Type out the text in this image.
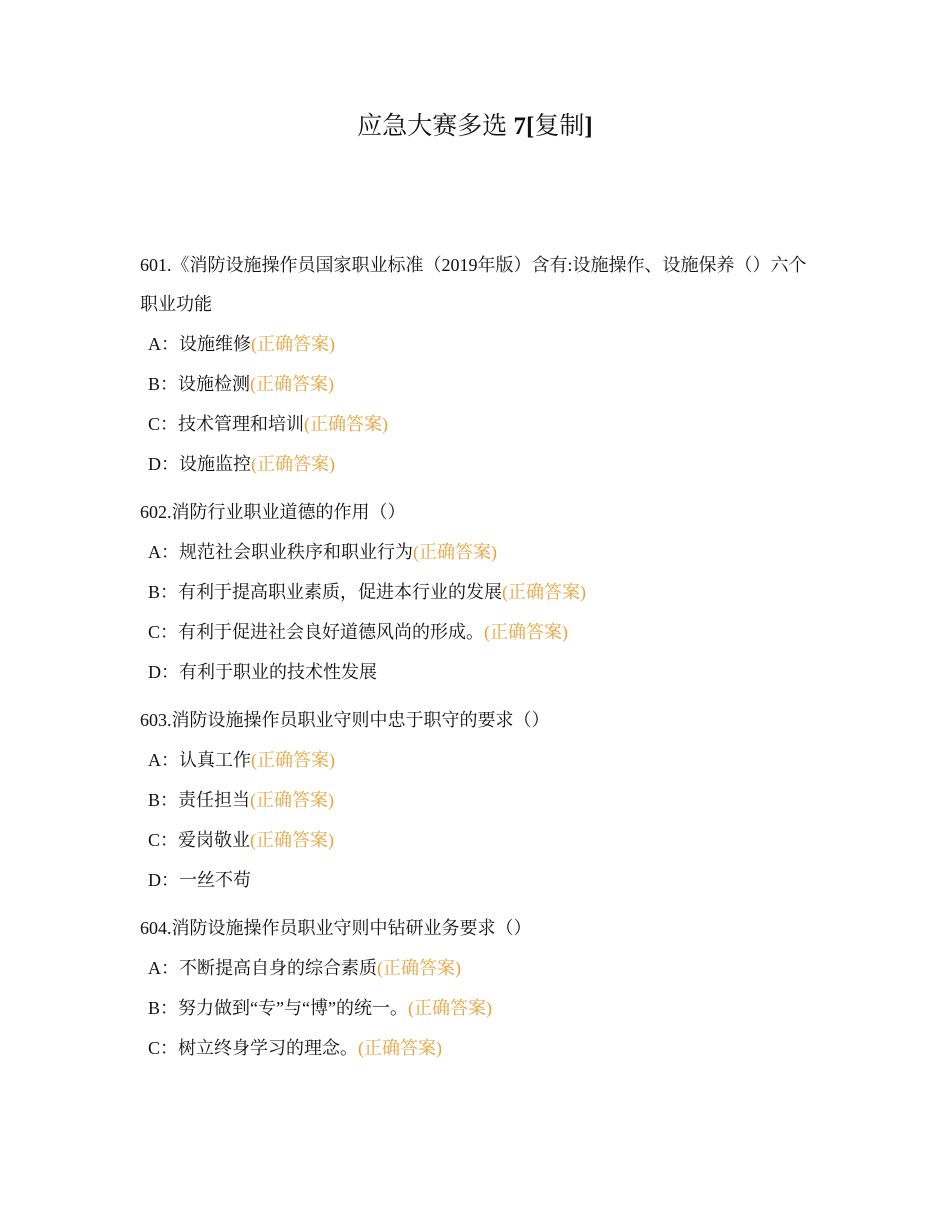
应急大赛多选 7[复制]

601.《消防设施操作员国家职业标准（2019年版）含有:设施操作、设施保养（）六个职业功能

A：设施维修(正确答案)

B：设施检测(正确答案)

C：技术管理和培训(正确答案)

D：设施监控(正确答案)

602.消防行业职业道德的作用（）

A：规范社会职业秩序和职业行为(正确答案)

B：有利于提高职业素质，促进本行业的发展(正确答案)

C：有利于促进社会良好道德风尚的形成。(正确答案)

D：有利于职业的技术性发展

603.消防设施操作员职业守则中忠于职守的要求（）

A：认真工作(正确答案)

B：责任担当(正确答案)

C：爱岗敬业(正确答案)

D：一丝不苟

604.消防设施操作员职业守则中钻研业务要求（）

A：不断提高自身的综合素质(正确答案)

B：努力做到“专”与“博”的统一。(正确答案)

C：树立终身学习的理念。(正确答案)
